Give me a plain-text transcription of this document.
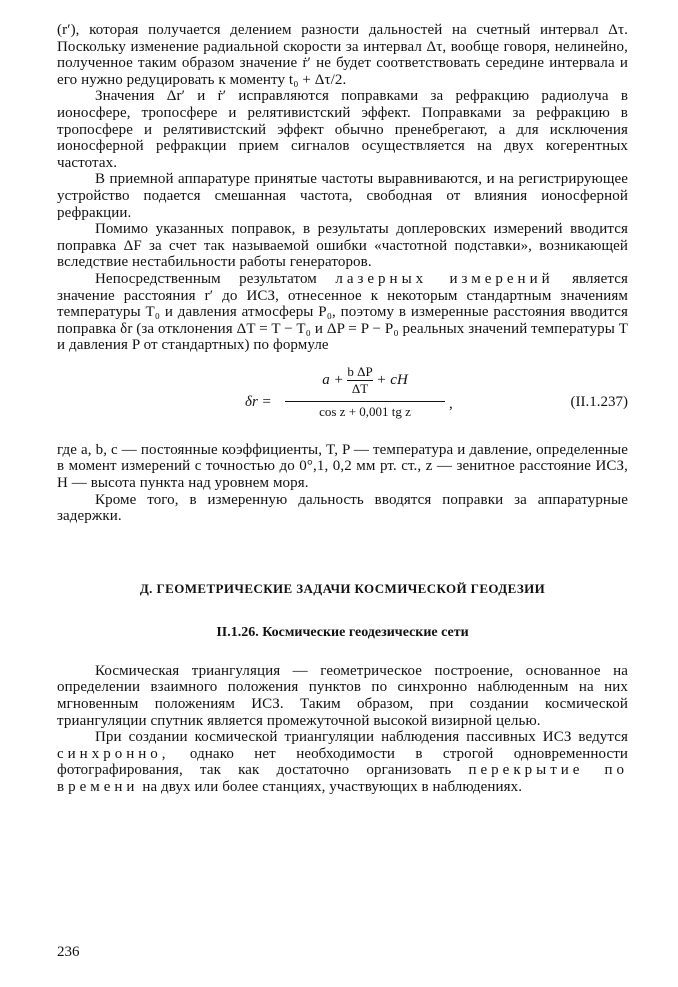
(r′), которая получается делением разности дальностей на счетный интервал Δτ. Поскольку изменение радиальной скорости за интервал Δτ, вообще говоря, нелинейно, полученное таким образом значение ṙ′ не будет соответствовать середине интервала и его нужно редуцировать к моменту t₀ + Δτ/2.

Значения Δr′ и ṙ′ исправляются поправками за рефракцию радиолуча в ионосфере, тропосфере и релятивистский эффект. Поправками за рефракцию в тропосфере и релятивистский эффект обычно пренебрегают, а для исключения ионосферной рефракции прием сигналов осуществляется на двух когерентных частотах.

В приемной аппаратуре принятые частоты выравниваются, и на регистрирующее устройство подается смешанная частота, свободная от влияния ионосферной рефракции.

Помимо указанных поправок, в результаты доплеровских измерений вводится поправка ΔF за счет так называемой ошибки «частотной подставки», возникающей вследствие нестабильности работы генераторов.

Непосредственным результатом лазерных измерений является значение расстояния r′ до ИСЗ, отнесенное к некоторым стандартным значениям температуры T₀ и давления атмосферы P₀, поэтому в измеренные расстояния вводится поправка δr (за отклонения ΔT = T − T₀ и ΔP = P − P₀ реальных значений температуры T и давления P от стандартных) по формуле

δr =
$a + \frac{\text{b ΔP}}{\Delta T}$ + cH
cos z + 0,001 tg z	,	(II.1.237)

где a, b, c — постоянные коэффициенты, T, P — температура и давление, определенные в момент измерений с точностью до 0°,1, 0,2 мм рт. ст., z — зенитное расстояние ИСЗ, H — высота пункта над уровнем моря.

Кроме того, в измеренную дальность вводятся поправки за аппаратурные задержки.

Д. ГЕОМЕТРИЧЕСКИЕ ЗАДАЧИ КОСМИЧЕСКОЙ ГЕОДЕЗИИ
II.1.26. Космические геодезические сети

Космическая триангуляция — геометрическое построение, основанное на определении взаимного положения пунктов по синхронно наблюденным на них мгновенным положениям ИСЗ. Таким образом, при создании космической триангуляции спутник является промежуточной высокой визирной целью.

При создании космической триангуляции наблюдения пассивных ИСЗ ведутся синхронно, однако нет необходимости в строгой одновременности фотографирования, так как достаточно организовать перекрытие по времени на двух или более станциях, участвующих в наблюдениях.

236
